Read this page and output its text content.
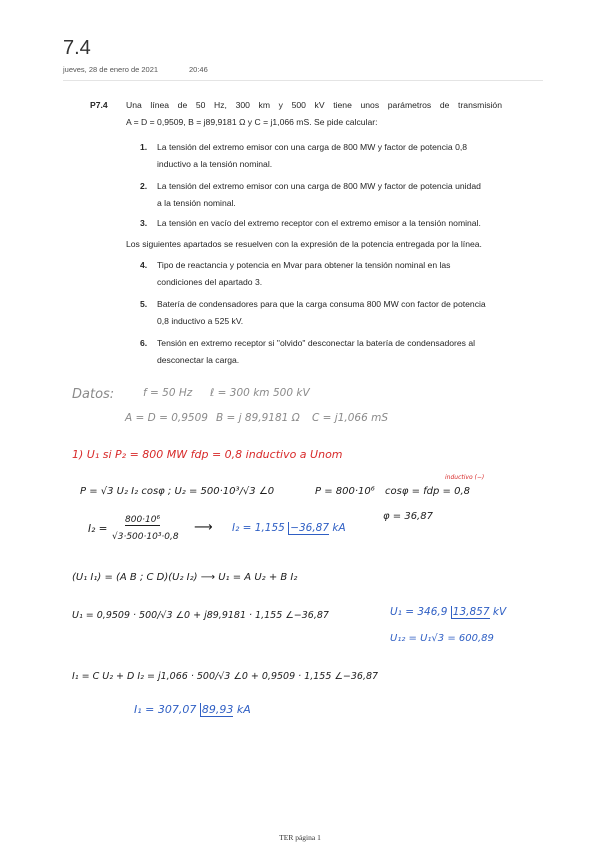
7.4
jueves, 28 de enero de 2021	20:46
P7.4 Una línea de 50 Hz, 300 km y 500 kV tiene unos parámetros de transmisión
A = D = 0,9509, B = j89,9181 Ω y C = j1,066 mS. Se pide calcular:
1. La tensión del extremo emisor con una carga de 800 MW y factor de potencia 0,8
inductivo a la tensión nominal.
2. La tensión del extremo emisor con una carga de 800 MW y factor de potencia unidad
a la tensión nominal.
3. La tensión en vacío del extremo receptor con el extremo emisor a la tensión nominal.
Los siguientes apartados se resuelven con la expresión de la potencia entregada por la línea.
4. Tipo de reactancia y potencia en Mvar para obtener la tensión nominal en las
condiciones del apartado 3.
5. Batería de condensadores para que la carga consuma 800 MW con factor de potencia
0,8 inductivo a 525 kV.
6. Tensión en extremo receptor si "olvido" desconectar la batería de condensadores al
desconectar la carga.
Datos:	f = 50 Hz ℓ = 300 km 500 kV
A = D = 0,9509 B = j 89,9181 Ω C = j1,066 mS
1) U₁ si P₂ = 800 MW fdp = 0,8 inductivo a Unom
P = √3 U₂ I₂ cosφ ; U₂ = 500·10³/√3 ∠0	P = 800·10⁶ cosφ = fdp = 0,8
inductivo (−)
I₂ =
800·10⁶
√3·500·10³·0,8
⟶ I₂ = 1,155 −36,87 kA
φ = 36,87
(U₁ I₁) = (A B ; C D)(U₂ I₂) ⟶ U₁ = A U₂ + B I₂
U₁ = 0,9509 · 500/√3 ∠0 + j89,9181 · 1,155 ∠−36,87	U₁ = 346,9 13,857 kV
U₁₂ = U₁√3 = 600,89
I₁ = C U₂ + D I₂ = j1,066 · 500/√3 ∠0 + 0,9509 · 1,155 ∠−36,87
I₁ = 307,07 89,93 kA
TER página 1
